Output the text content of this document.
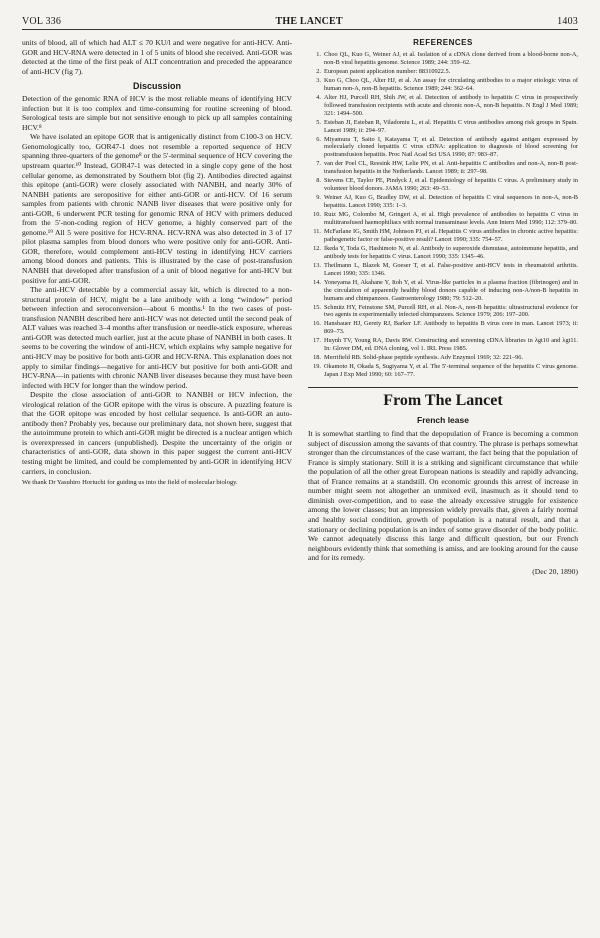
VOL 336	THE LANCET	1403

units of blood, all of which had ALT ≤ 70 KU/l and were negative for anti-HCV. Anti-GOR and HCV-RNA were detected in 1 of 5 units of blood she received. Anti-GOR was detected at the time of the first peak of ALT concentration and preceded the appearance of anti-HCV (fig 7).

Discussion

Detection of the genomic RNA of HCV is the most reliable means of identifying HCV infection but it is too complex and time-consuming for routine screening of blood. Serological tests are simple but not sensitive enough to pick up all samples containing HCV.⁸

We have isolated an epitope GOR that is antigenically distinct from C100-3 on HCV. Genomologically too, GOR47-1 does not resemble a reported sequence of HCV spanning three-quarters of the genome⁸ or the 5′-terminal sequence of HCV covering the upstream quarter.¹⁰ Instead, GOR47-1 was detected in a single copy gene of the host cellular genome, as demonstrated by Southern blot (fig 2). Antibodies directed against this epitope (anti-GOR) were closely associated with NANBH, and nearly 30% of NANBH patients are seropositive for either anti-GOR or anti-HCV. Of 16 serum samples from patients with chronic NANB liver diseases that were positive only for anti-GOR, 6 underwent PCR testing for genomic RNA of HCV with primers deduced from the 5′-non-coding region of HCV genome, a highly conserved part of the genome.¹⁹ All 5 were positive for HCV-RNA. HCV-RNA was also detected in 3 of 17 pilot plasma samples from blood donors who were positive only for anti-GOR. Anti-GOR, therefore, would complement anti-HCV testing in identifying HCV carriers among blood donors and patients. This is illustrated by the case of post-transfusion NANBH that developed after transfusion of a unit of blood negative for anti-HCV but positive for anti-GOR.

The anti-HCV detectable by a commercial assay kit, which is directed to a non-structural protein of HCV, might be a late antibody with a long “window” period between infection and seroconversion—about 6 months.¹ In the two cases of post-transfusion NANBH described here anti-HCV was not detected until the second peak of ALT values was reached 3–4 months after transfusion or needle-stick exposure, whereas anti-GOR was detected much earlier, just at the acute phase of NANBH in both cases. It seems to be covering the window of anti-HCV, which explains why sample negative for anti-HCV may be positive for both anti-GOR and HCV-RNA. This explanation does not apply to similar findings—negative for anti-HCV but positive for both anti-GOR and HCV-RNA—in patients with chronic NANB liver diseases because they must have been infected with HCV for longer than the window period.

Despite the close association of anti-GOR to NANBH or HCV infection, the virological relation of the GOR epitope with the virus is obscure. A puzzling feature is that the GOR epitope was encoded by host cellular sequence. Is anti-GOR an auto-antibody then? Probably yes, because our preliminary data, not shown here, suggest that the autoimmune protein to which anti-GOR might be directed is a nuclear antigen which is overexpressed in cancers (unpublished). Despite the uncertainty of the origin or characteristics of anti-GOR, data shown in this paper suggest the current anti-HCV testing might be limited, and could be complemented by anti-GOR in identifying HCV carriers, in conclusion.

We thank Dr Yasuhiro Horiuchi for guiding us into the field of molecular biology.
REFERENCES
1. Choo QL, Kuo G, Weiner AJ, et al. Isolation of a cDNA clone derived from a blood-borne non-A, non-B viral hepatitis genome. Science 1989; 244: 359–62.
2. European patent application number: 88310922.5.
3. Kuo G, Choo QL, Alter HJ, et al. An assay for circulating antibodies to a major etiologic virus of human non-A, non-B hepatitis. Science 1989; 244: 362–64.
4. Alter HJ, Purcell RH, Shih JW, et al. Detection of antibody to hepatitis C virus in prospectively followed transfusion recipients with acute and chronic non-A, non-B hepatitis. N Engl J Med 1989; 321: 1494–500.
5. Esteban JI, Esteban R, Viladomiu L, et al. Hepatitis C virus antibodies among risk groups in Spain. Lancet 1989; ii: 294–97.
6. Miyamura T, Saito I, Katayama T, et al. Detection of antibody against antigen expressed by molecularly cloned hepatitis C virus cDNA: application to diagnosis of blood screening for posttransfusion hepatitis. Proc Natl Acad Sci USA 1990; 87: 983–87.
7. van der Poel CL, Reesink HW, Lelie PN, et al. Anti-hepatitis C antibodies and non-A, non-B post-transfusion hepatitis in the Netherlands. Lancet 1989; ii: 297–98.
8. Stevens CE, Taylor PE, Pindyck J, et al. Epidemiology of hepatitis C virus. A preliminary study in volunteer blood donors. JAMA 1990; 263: 49–53.
9. Weiner AJ, Kuo G, Bradley DW, et al. Detection of hepatitis C viral sequences in non-A, non-B hepatitis. Lancet 1990; 335: 1–3.
10. Ruiz MG, Colombo M, Gringeri A, et al. High prevalence of antibodies to hepatitis C virus in multitransfused haemophiliacs with normal transaminase levels. Ann Intern Med 1990; 112: 379–80.
11. McFarlane IG, Smith HM, Johnson PJ, et al. Hepatitis C virus antibodies in chronic active hepatitis: pathogenetic factor or false-positive result? Lancet 1990; 335: 754–57.
12. Ikeda Y, Toda G, Hashimoto N, et al. Antibody to superoxide dismutase, autoimmune hepatitis, and antibody tests for hepatitis C virus. Lancet 1990; 335: 1345–46.
13. Theilmann L, Blazek M, Goeser T, et al. False-positive anti-HCV tests in rheumatoid arthritis. Lancet 1990; 335: 1346.
14. Yoneyama H, Akahane Y, Itoh Y, et al. Virus-like particles in a plasma fraction (fibrinogen) and in the circulation of apparently healthy blood donors capable of inducing non-A/non-B hepatitis in humans and chimpanzees. Gastroenterology 1980; 79: 512–20.
15. Schmitz HY, Feinstone SM, Purcell RH, et al. Non-A, non-B hepatitis: ultrastructural evidence for two agents in experimentally infected chimpanzees. Science 1979; 206: 197–200.
16. Hansbauer HJ, Gerety RJ, Barker LF. Antibody to hepatitis B virus core in man. Lancet 1973; ii: 869–73.
17. Huynh TV, Young RA, Davis RW. Constructing and screening cDNA libraries in λgt10 and λgt11. In: Glover DM, ed. DNA cloning, vol 1. IRL Press 1985.
18. Merrifield RB. Solid-phase peptide synthesis. Adv Enzymol 1969; 32: 221–96.
19. Okamoto H, Okada S, Sugiyama Y, et al. The 5′-terminal sequence of the hepatitis C virus genome. Japan J Exp Med 1990; 60: 167–77.
From The Lancet
French lease

It is somewhat startling to find that the depopulation of France is becoming a common subject of discussion among the savants of that country. The phrase is perhaps somewhat stronger than the circumstances of the case warrant, the fact being that the population of France is simply stationary. Still it is a striking and significant circumstance that while the population of all the other great European nations is steadily and rapidly advancing, that of France remains at a standstill. On economic grounds this arrest of increase in number might seem not altogether an unmixed evil, inasmuch as it should tend to diminish over-competition, and to ease the already excessive struggle for existence among the lower classes; but an impression widely prevails that, given a fairly normal and healthy social condition, growth of population is a natural result, and that a stationary or declining population is an index of some grave disorder of the body politic. We cannot adequately discuss this large and difficult question, but our French neighbours evidently think that something is amiss, and are looking around for the cause and for its remedy.

(Dec 20, 1890)
